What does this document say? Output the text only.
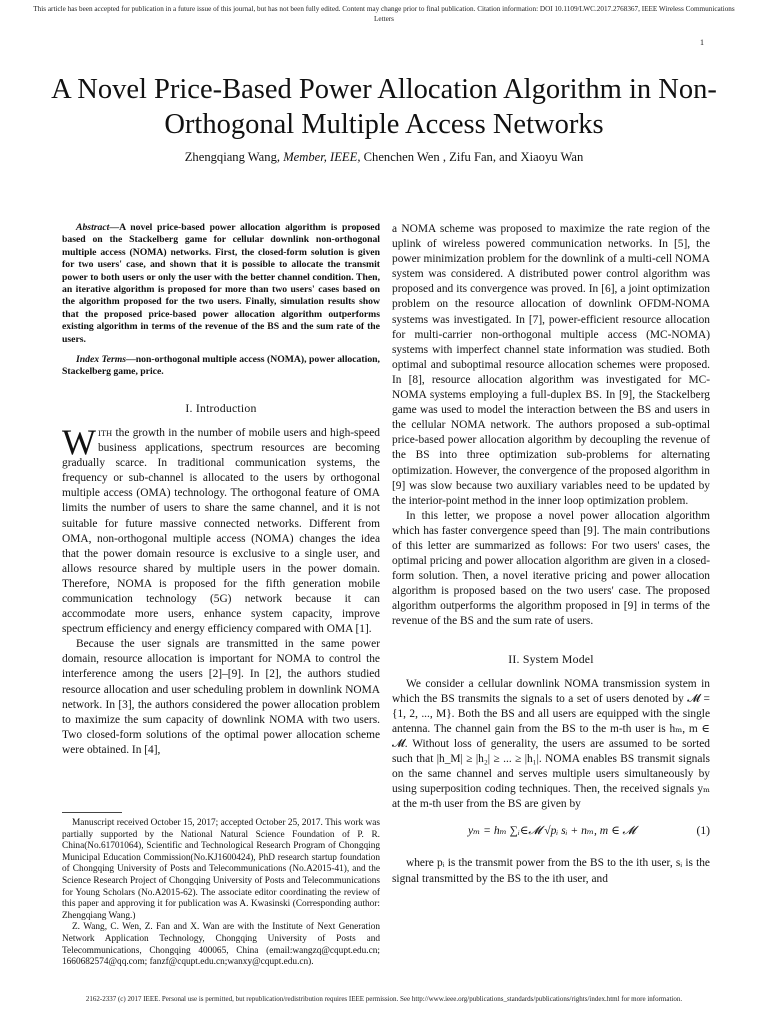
This article has been accepted for publication in a future issue of this journal, but has not been fully edited. Content may change prior to final publication. Citation information: DOI 10.1109/LWC.2017.2768367, IEEE Wireless Communications Letters
1
A Novel Price-Based Power Allocation Algorithm in Non-Orthogonal Multiple Access Networks
Zhengqiang Wang, Member, IEEE, Chenchen Wen , Zifu Fan, and Xiaoyu Wan

Abstract—A novel price-based power allocation algorithm is proposed based on the Stackelberg game for cellular downlink non-orthogonal multiple access (NOMA) networks. First, the closed-form solution is given for two users' case, and shown that it is possible to allocate the transmit power to both users or only the user with the better channel condition. Then, an iterative algorithm is proposed for more than two users' cases based on the algorithm proposed for the two users. Finally, simulation results show that the proposed price-based power allocation algorithm outperforms existing algorithm in terms of the revenue of the BS and the sum rate of the users.

Index Terms—non-orthogonal multiple access (NOMA), power allocation, Stackelberg game, price.

I. Introduction

WITH the growth in the number of mobile users and high-speed business applications, spectrum resources are becoming gradually scarce. In traditional communication systems, the frequency or sub-channel is allocated to the users by orthogonal multiple access (OMA) technology. The orthogonal feature of OMA limits the number of users to share the same channel, and it is not suitable for future massive connected networks. Different from OMA, non-orthogonal multiple access (NOMA) changes the idea that the power domain resource is exclusive to a single user, and allows resource shared by multiple users in the power domain. Therefore, NOMA is proposed for the fifth generation mobile communication technology (5G) network because it can accommodate more users, enhance system capacity, improve spectrum efficiency and energy efficiency compared with OMA [1].

Because the user signals are transmitted in the same power domain, resource allocation is important for NOMA to control the interference among the users [2]–[9]. In [2], the authors studied resource allocation and user scheduling problem in downlink NOMA network. In [3], the authors considered the power allocation problem to maximize the sum capacity of downlink NOMA with two users. Two closed-form solutions of the optimal power allocation scheme were obtained. In [4],

Manuscript received October 15, 2017; accepted October 25, 2017. This work was partially supported by the National Natural Science Foundation of P. R. China(No.61701064), Scientific and Technological Research Program of Chongqing Municipal Education Commission(No.KJ1600424), PhD research startup foundation of Chongqing University of Posts and Telecommunications (No.A2015-41), and the Science Research Project of Chongqing University of Posts and Telecommunications for Young Scholars (No.A2015-62). The associate editor coordinating the review of this paper and approving it for publication was A. Kwasinski (Corresponding author: Zhengqiang Wang.)

Z. Wang, C. Wen, Z. Fan and X. Wan are with the Institute of Next Generation Network Application Technology, Chongqing University of Posts and Telecommunications, Chongqing 400065, China (email:wangzq@cqupt.edu.cn; 1660682574@qq.com; fanzf@cqupt.edu.cn;wanxy@cqupt.edu.cn).

a NOMA scheme was proposed to maximize the rate region of the uplink of wireless powered communication networks. In [5], the power minimization problem for the downlink of a multi-cell NOMA system was considered. A distributed power control algorithm was proposed and its convergence was proved. In [6], a joint optimization problem on the resource allocation of downlink OFDM-NOMA systems was investigated. In [7], power-efficient resource allocation for multi-carrier non-orthogonal multiple access (MC-NOMA) systems with imperfect channel state information was studied. Both optimal and suboptimal resource allocation schemes were proposed. In [8], resource allocation algorithm was investigated for MC-NOMA systems employing a full-duplex BS. In [9], the Stackelberg game was used to model the interaction between the BS and users in the cellular NOMA network. The authors proposed a sub-optimal price-based power allocation algorithm by decoupling the revenue of the BS into three optimization sub-problems for alternating optimization. However, the convergence of the proposed algorithm in [9] was slow because two auxiliary variables need to be updated by the interior-point method in the inner loop optimization problem.

In this letter, we propose a novel power allocation algorithm which has faster convergence speed than [9]. The main contributions of this letter are summarized as follows: For two users' cases, the optimal pricing and power allocation algorithm are given in a closed-form solution. Then, a novel iterative pricing and power allocation algorithm is proposed based on the two users' case. The proposed algorithm outperforms the algorithm proposed in [9] in terms of the revenue of the BS and the sum rate of users.

II. System Model

We consider a cellular downlink NOMA transmission system in which the BS transmits the signals to a set of users denoted by 𝓜 = {1, 2, ..., M}. Both the BS and all users are equipped with the single antenna. The channel gain from the BS to the m-th user is hₘ, m ∈ 𝓜. Without loss of generality, the users are assumed to be sorted such that |h_M| ≥ |h₂| ≥ ... ≥ |h₁|. NOMA enables BS transmit signals on the same channel and serves multiple users simultaneously by using superposition coding techniques. Then, the received signals yₘ at the m-th user from the BS are given by

yₘ = hₘ ∑ᵢ∈𝓜 √pᵢ sᵢ + nₘ, m ∈ 𝓜	(1)

where pᵢ is the transmit power from the BS to the ith user, sᵢ is the signal transmitted by the BS to the ith user, and

2162-2337 (c) 2017 IEEE. Personal use is permitted, but republication/redistribution requires IEEE permission. See http://www.ieee.org/publications_standards/publications/rights/index.html for more information.
